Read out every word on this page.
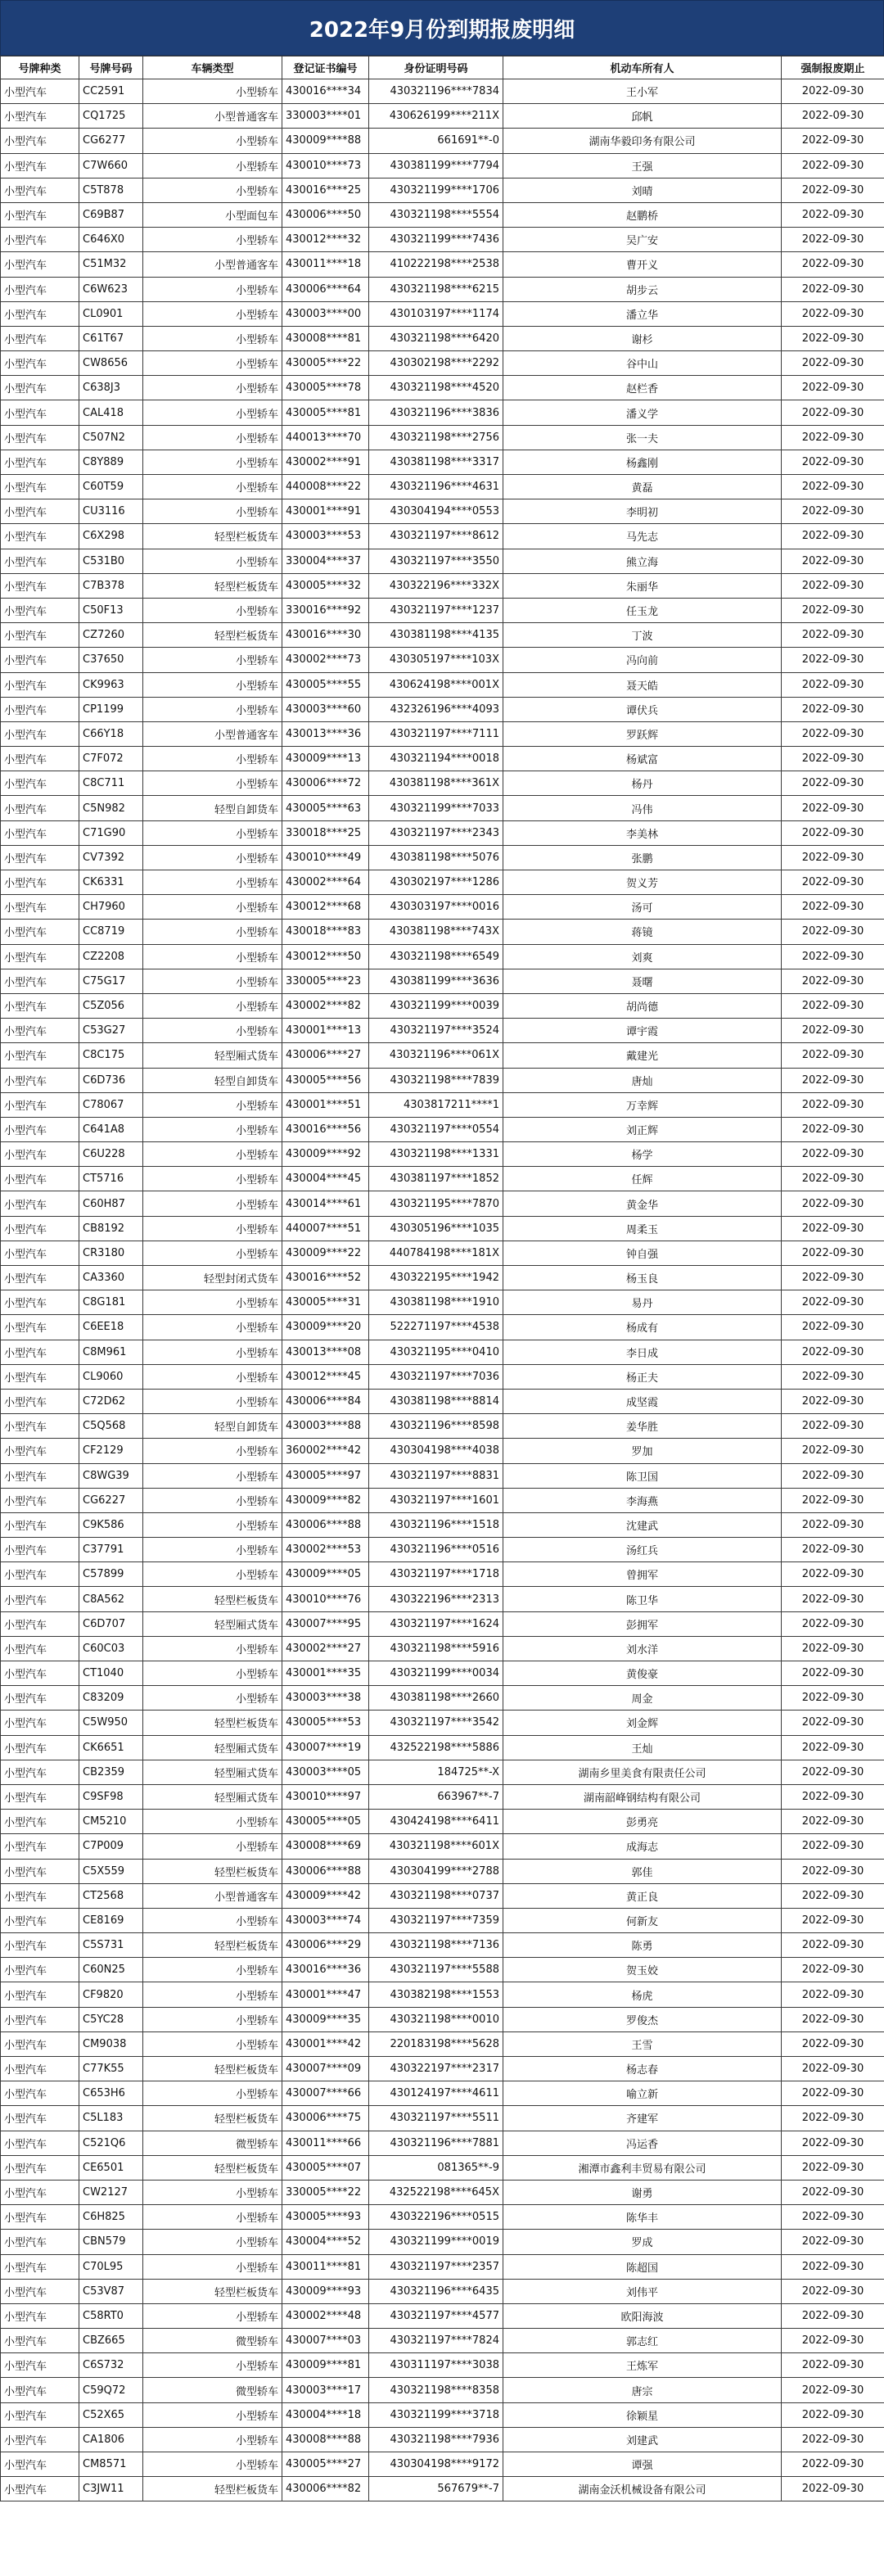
2022年9月份到期报废明细
号牌种类	号牌号码	车辆类型	登记证书编号	身份证明号码	机动车所有人	强制报废期止
小型汽车	CC2591	小型轿车	430016****34	430321196****7834	王小军	2022-09-30
小型汽车	CQ1725	小型普通客车	330003****01	430626199****211X	邱帆	2022-09-30
小型汽车	CG6277	小型轿车	430009****88	661691**-0	湖南华毅印务有限公司	2022-09-30
小型汽车	C7W660	小型轿车	430010****73	430381199****7794	王强	2022-09-30
小型汽车	C5T878	小型轿车	430016****25	430321199****1706	刘晴	2022-09-30
小型汽车	C69B87	小型面包车	430006****50	430321198****5554	赵鹏桥	2022-09-30
小型汽车	C646X0	小型轿车	430012****32	430321199****7436	吴广安	2022-09-30
小型汽车	C51M32	小型普通客车	430011****18	410222198****2538	曹开义	2022-09-30
小型汽车	C6W623	小型轿车	430006****64	430321198****6215	胡步云	2022-09-30
小型汽车	CL0901	小型轿车	430003****00	430103197****1174	潘立华	2022-09-30
小型汽车	C61T67	小型轿车	430008****81	430321198****6420	谢杉	2022-09-30
小型汽车	CW8656	小型轿车	430005****22	430302198****2292	谷中山	2022-09-30
小型汽车	C638J3	小型轿车	430005****78	430321198****4520	赵栏香	2022-09-30
小型汽车	CAL418	小型轿车	430005****81	430321196****3836	潘义学	2022-09-30
小型汽车	C507N2	小型轿车	440013****70	430321198****2756	张一夫	2022-09-30
小型汽车	C8Y889	小型轿车	430002****91	430381198****3317	杨鑫刚	2022-09-30
小型汽车	C60T59	小型轿车	440008****22	430321196****4631	黄磊	2022-09-30
小型汽车	CU3116	小型轿车	430001****91	430304194****0553	李明初	2022-09-30
小型汽车	C6X298	轻型栏板货车	430003****53	430321197****8612	马先志	2022-09-30
小型汽车	C531B0	小型轿车	330004****37	430321197****3550	熊立海	2022-09-30
小型汽车	C7B378	轻型栏板货车	430005****32	430322196****332X	朱丽华	2022-09-30
小型汽车	C50F13	小型轿车	330016****92	430321197****1237	任玉龙	2022-09-30
小型汽车	CZ7260	轻型栏板货车	430016****30	430381198****4135	丁波	2022-09-30
小型汽车	C37650	小型轿车	430002****73	430305197****103X	冯向前	2022-09-30
小型汽车	CK9963	小型轿车	430005****55	430624198****001X	聂天皓	2022-09-30
小型汽车	CP1199	小型轿车	430003****60	432326196****4093	谭伏兵	2022-09-30
小型汽车	C66Y18	小型普通客车	430013****36	430321197****7111	罗跃辉	2022-09-30
小型汽车	C7F072	小型轿车	430009****13	430321194****0018	杨斌富	2022-09-30
小型汽车	C8C711	小型轿车	430006****72	430381198****361X	杨丹	2022-09-30
小型汽车	C5N982	轻型自卸货车	430005****63	430321199****7033	冯伟	2022-09-30
小型汽车	C71G90	小型轿车	330018****25	430321197****2343	李美林	2022-09-30
小型汽车	CV7392	小型轿车	430010****49	430381198****5076	张鹏	2022-09-30
小型汽车	CK6331	小型轿车	430002****64	430302197****1286	贺义芳	2022-09-30
小型汽车	CH7960	小型轿车	430012****68	430303197****0016	汤可	2022-09-30
小型汽车	CC8719	小型轿车	430018****83	430381198****743X	蒋镜	2022-09-30
小型汽车	CZ2208	小型轿车	430012****50	430321198****6549	刘爽	2022-09-30
小型汽车	C75G17	小型轿车	330005****23	430381199****3636	聂曙	2022-09-30
小型汽车	C5Z056	小型轿车	430002****82	430321199****0039	胡尚德	2022-09-30
小型汽车	C53G27	小型轿车	430001****13	430321197****3524	谭宇霞	2022-09-30
小型汽车	C8C175	轻型厢式货车	430006****27	430321196****061X	戴建光	2022-09-30
小型汽车	C6D736	轻型自卸货车	430005****56	430321198****7839	唐灿	2022-09-30
小型汽车	C78067	小型轿车	430001****51	4303817211****1	万幸辉	2022-09-30
小型汽车	C641A8	小型轿车	430016****56	430321197****0554	刘正辉	2022-09-30
小型汽车	C6U228	小型轿车	430009****92	430321198****1331	杨学	2022-09-30
小型汽车	CT5716	小型轿车	430004****45	430381197****1852	任辉	2022-09-30
小型汽车	C60H87	小型轿车	430014****61	430321195****7870	黄金华	2022-09-30
小型汽车	CB8192	小型轿车	440007****51	430305196****1035	周柔玉	2022-09-30
小型汽车	CR3180	小型轿车	430009****22	440784198****181X	钟自强	2022-09-30
小型汽车	CA3360	轻型封闭式货车	430016****52	430322195****1942	杨玉良	2022-09-30
小型汽车	C8G181	小型轿车	430005****31	430381198****1910	易丹	2022-09-30
小型汽车	C6EE18	小型轿车	430009****20	522271197****4538	杨成有	2022-09-30
小型汽车	C8M961	小型轿车	430013****08	430321195****0410	李日成	2022-09-30
小型汽车	CL9060	小型轿车	430012****45	430321197****7036	杨正夫	2022-09-30
小型汽车	C72D62	小型轿车	430006****84	430381198****8814	成坚霞	2022-09-30
小型汽车	C5Q568	轻型自卸货车	430003****88	430321196****8598	姜华胜	2022-09-30
小型汽车	CF2129	小型轿车	360002****42	430304198****4038	罗加	2022-09-30
小型汽车	C8WG39	小型轿车	430005****97	430321197****8831	陈卫国	2022-09-30
小型汽车	CG6227	小型轿车	430009****82	430321197****1601	李海燕	2022-09-30
小型汽车	C9K586	小型轿车	430006****88	430321196****1518	沈建武	2022-09-30
小型汽车	C37791	小型轿车	430002****53	430321196****0516	汤红兵	2022-09-30
小型汽车	C57899	小型轿车	430009****05	430321197****1718	曾拥军	2022-09-30
小型汽车	C8A562	轻型栏板货车	430010****76	430322196****2313	陈卫华	2022-09-30
小型汽车	C6D707	轻型厢式货车	430007****95	430321197****1624	彭拥军	2022-09-30
小型汽车	C60C03	小型轿车	430002****27	430321198****5916	刘水洋	2022-09-30
小型汽车	CT1040	小型轿车	430001****35	430321199****0034	黄俊豪	2022-09-30
小型汽车	C83209	小型轿车	430003****38	430381198****2660	周金	2022-09-30
小型汽车	C5W950	轻型栏板货车	430005****53	430321197****3542	刘金辉	2022-09-30
小型汽车	CK6651	轻型厢式货车	430007****19	432522198****5886	王灿	2022-09-30
小型汽车	CB2359	轻型厢式货车	430003****05	184725**-X	湖南乡里美食有限责任公司	2022-09-30
小型汽车	C9SF98	轻型厢式货车	430010****97	663967**-7	湖南韶峰钢结构有限公司	2022-09-30
小型汽车	CM5210	小型轿车	430005****05	430424198****6411	彭勇亮	2022-09-30
小型汽车	C7P009	小型轿车	430008****69	430321198****601X	成海志	2022-09-30
小型汽车	C5X559	轻型栏板货车	430006****88	430304199****2788	郭佳	2022-09-30
小型汽车	CT2568	小型普通客车	430009****42	430321198****0737	黄正良	2022-09-30
小型汽车	CE8169	小型轿车	430003****74	430321197****7359	何新友	2022-09-30
小型汽车	C5S731	轻型栏板货车	430006****29	430321198****7136	陈勇	2022-09-30
小型汽车	C60N25	小型轿车	430016****36	430321197****5588	贺玉姣	2022-09-30
小型汽车	CF9820	小型轿车	430001****47	430382198****1553	杨虎	2022-09-30
小型汽车	C5YC28	小型轿车	430009****35	430321198****0010	罗俊杰	2022-09-30
小型汽车	CM9038	小型轿车	430001****42	220183198****5628	王雪	2022-09-30
小型汽车	C77K55	轻型栏板货车	430007****09	430322197****2317	杨志春	2022-09-30
小型汽车	C653H6	小型轿车	430007****66	430124197****4611	喻立新	2022-09-30
小型汽车	C5L183	轻型栏板货车	430006****75	430321197****5511	齐建军	2022-09-30
小型汽车	C521Q6	微型轿车	430011****66	430321196****7881	冯运香	2022-09-30
小型汽车	CE6501	轻型栏板货车	430005****07	081365**-9	湘潭市鑫利丰贸易有限公司	2022-09-30
小型汽车	CW2127	小型轿车	330005****22	432522198****645X	谢勇	2022-09-30
小型汽车	C6H825	小型轿车	430005****93	430322196****0515	陈华丰	2022-09-30
小型汽车	CBN579	小型轿车	430004****52	430321199****0019	罗成	2022-09-30
小型汽车	C70L95	小型轿车	430011****81	430321197****2357	陈超国	2022-09-30
小型汽车	C53V87	轻型栏板货车	430009****93	430321196****6435	刘伟平	2022-09-30
小型汽车	C58RT0	小型轿车	430002****48	430321197****4577	欧阳海波	2022-09-30
小型汽车	CBZ665	微型轿车	430007****03	430321197****7824	郭志红	2022-09-30
小型汽车	C6S732	小型轿车	430009****81	430311197****3038	王炼军	2022-09-30
小型汽车	C59Q72	微型轿车	430003****17	430321198****8358	唐宗	2022-09-30
小型汽车	C52X65	小型轿车	430004****18	430321199****3718	徐颖星	2022-09-30
小型汽车	CA1806	小型轿车	430008****88	430321198****7936	刘建武	2022-09-30
小型汽车	CM8571	小型轿车	430005****27	430304198****9172	谭强	2022-09-30
小型汽车	C3JW11	轻型栏板货车	430006****82	567679**-7	湖南金沃机械设备有限公司	2022-09-30
